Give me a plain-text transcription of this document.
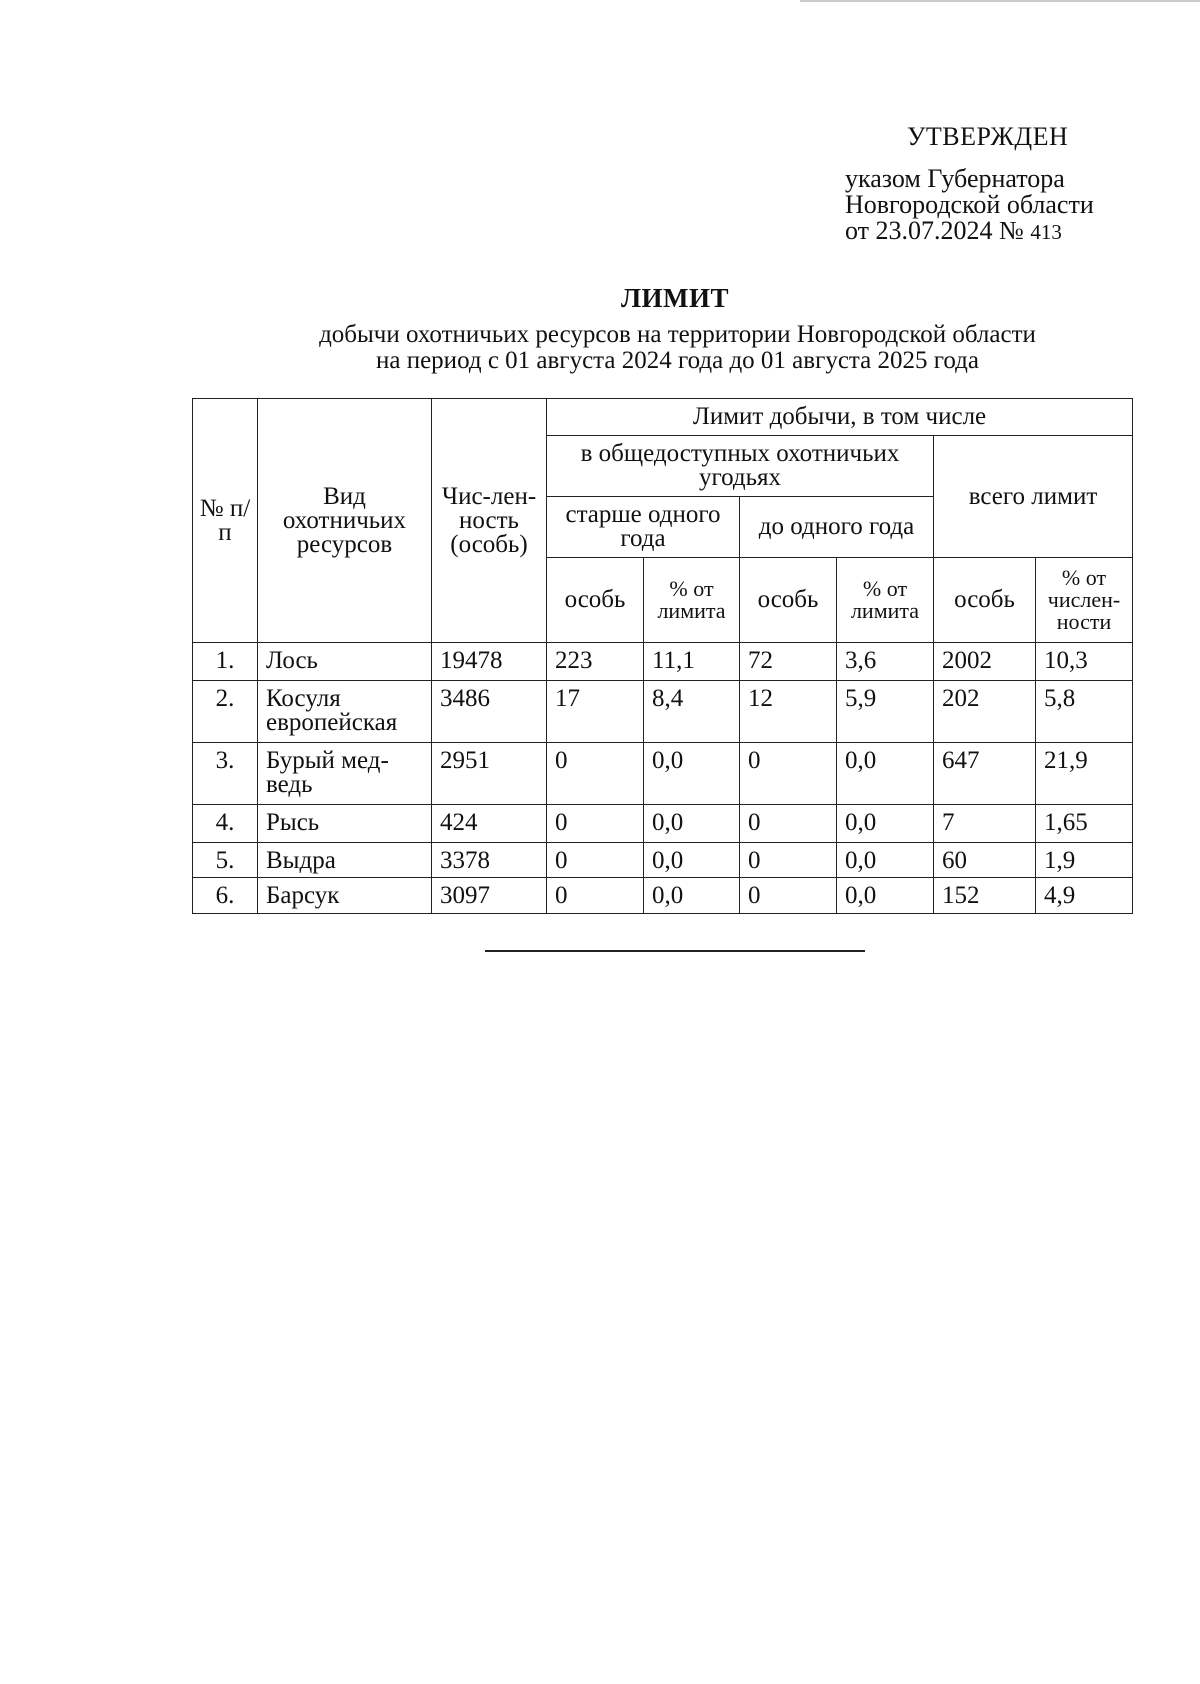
УТВЕРЖДЕН
указом Губернатора
Новгородской области
от 23.07.2024 № 413
ЛИМИТ
добычи охотничьих ресурсов на территории Новгородской области
на период с 01 августа 2024 года до 01 августа 2025 года
№ п/п	Вид охотничьих ресурсов	Чис-лен-ность (особь)	Лимит добычи, в том числе					
			в общедоступных охотничьих угодьях				всего лимит	
			старше одного года		до одного года			
			особь	% от лимита	особь	% от лимита	особь	% от числен-ности
1.	Лось	19478	223	11,1	72	3,6	2002	10,3
2.	Косуля европейская	3486	17	8,4	12	5,9	202	5,8
3.	Бурый мед-ведь	2951	0	0,0	0	0,0	647	21,9
4.	Рысь	424	0	0,0	0	0,0	7	1,65
5.	Выдра	3378	0	0,0	0	0,0	60	1,9
6.	Барсук	3097	0	0,0	0	0,0	152	4,9
